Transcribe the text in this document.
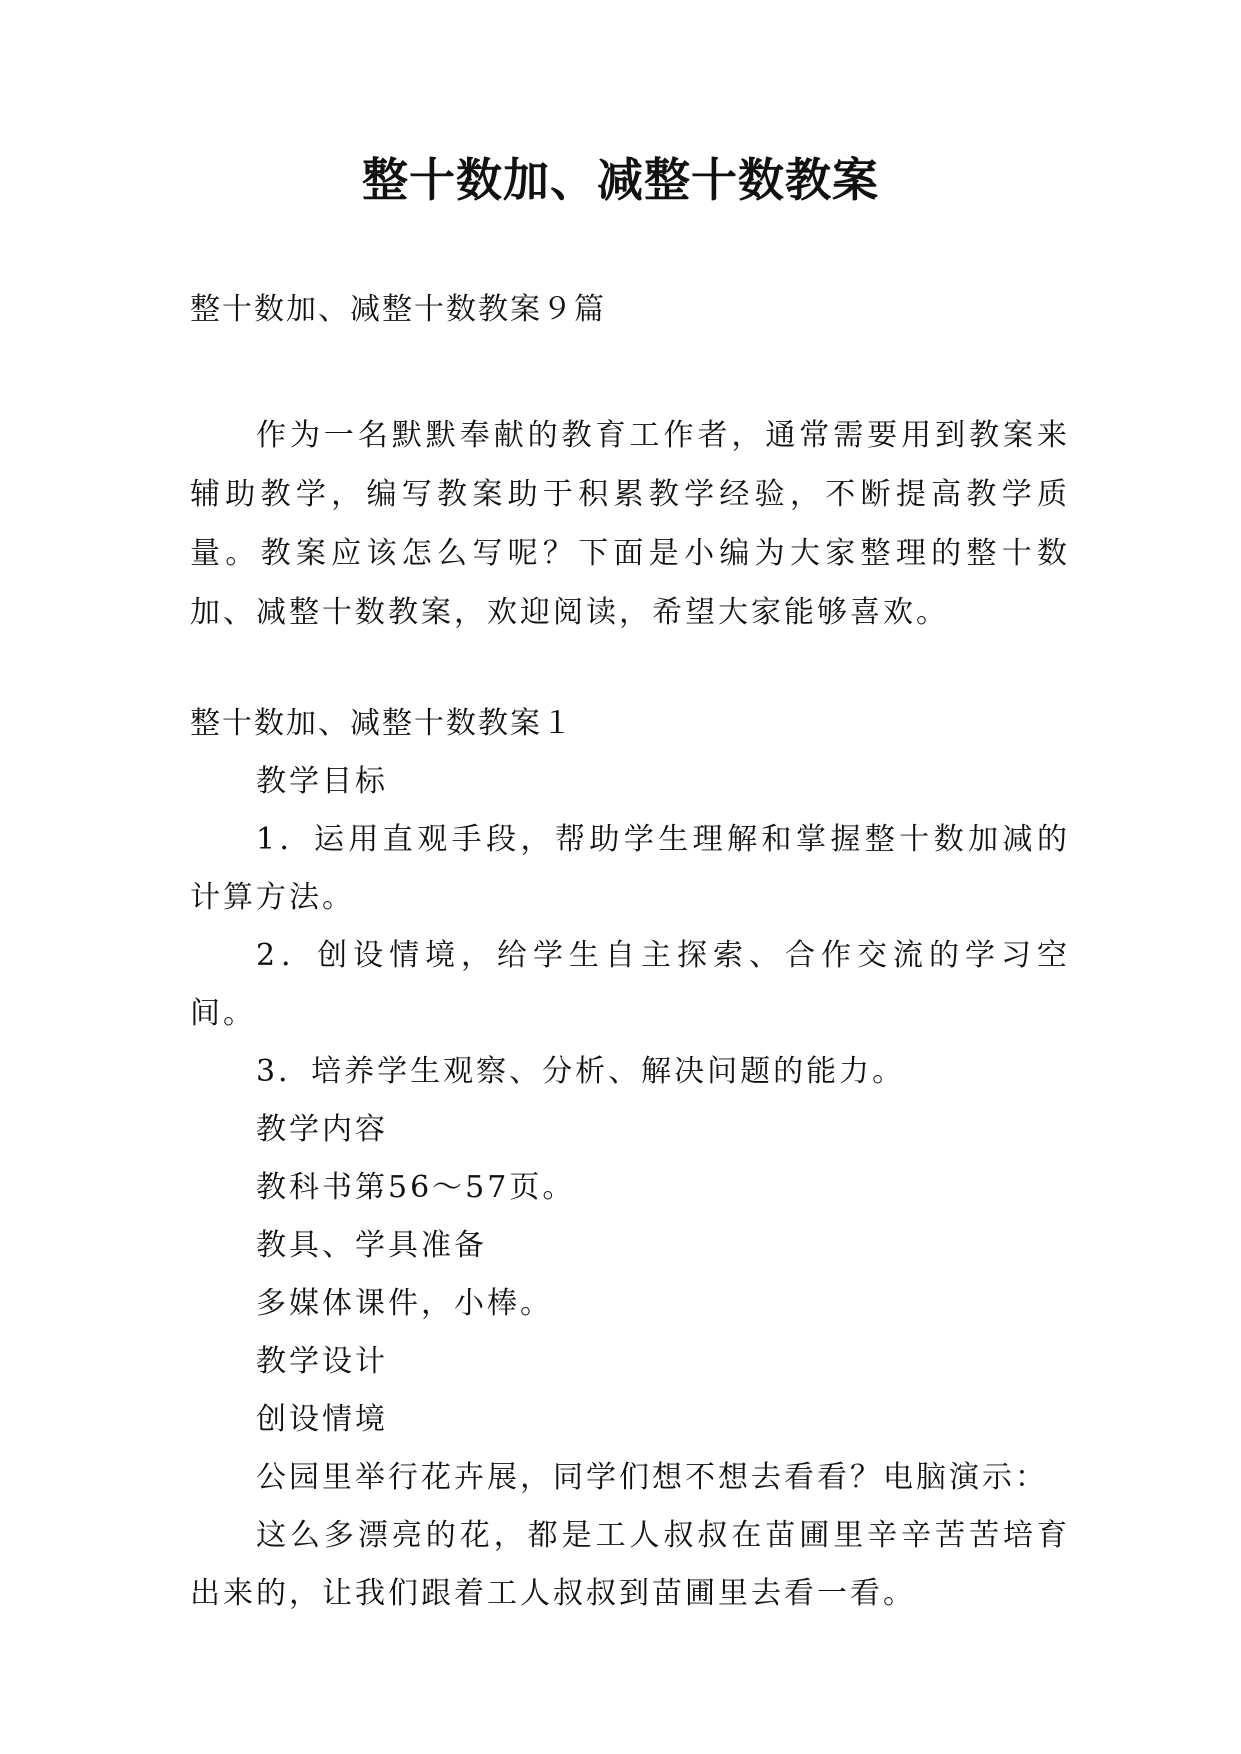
整十数加、减整十数教案

整十数加、减整十数教案９篇

作为一名默默奉献的教育工作者，通常需要用到教案来辅助教学，编写教案助于积累教学经验，不断提高教学质量。教案应该怎么写呢？下面是小编为大家整理的整十数加、减整十数教案，欢迎阅读，希望大家能够喜欢。

整十数加、减整十数教案１

教学目标

1．运用直观手段，帮助学生理解和掌握整十数加减的计算方法。

2．创设情境，给学生自主探索、合作交流的学习空间。

3．培养学生观察、分析、解决问题的能力。

教学内容

教科书第56～57页。

教具、学具准备

多媒体课件，小棒。

教学设计

创设情境

公园里举行花卉展，同学们想不想去看看？电脑演示：

这么多漂亮的花，都是工人叔叔在苗圃里辛辛苦苦培育出来的，让我们跟着工人叔叔到苗圃里去看一看。
